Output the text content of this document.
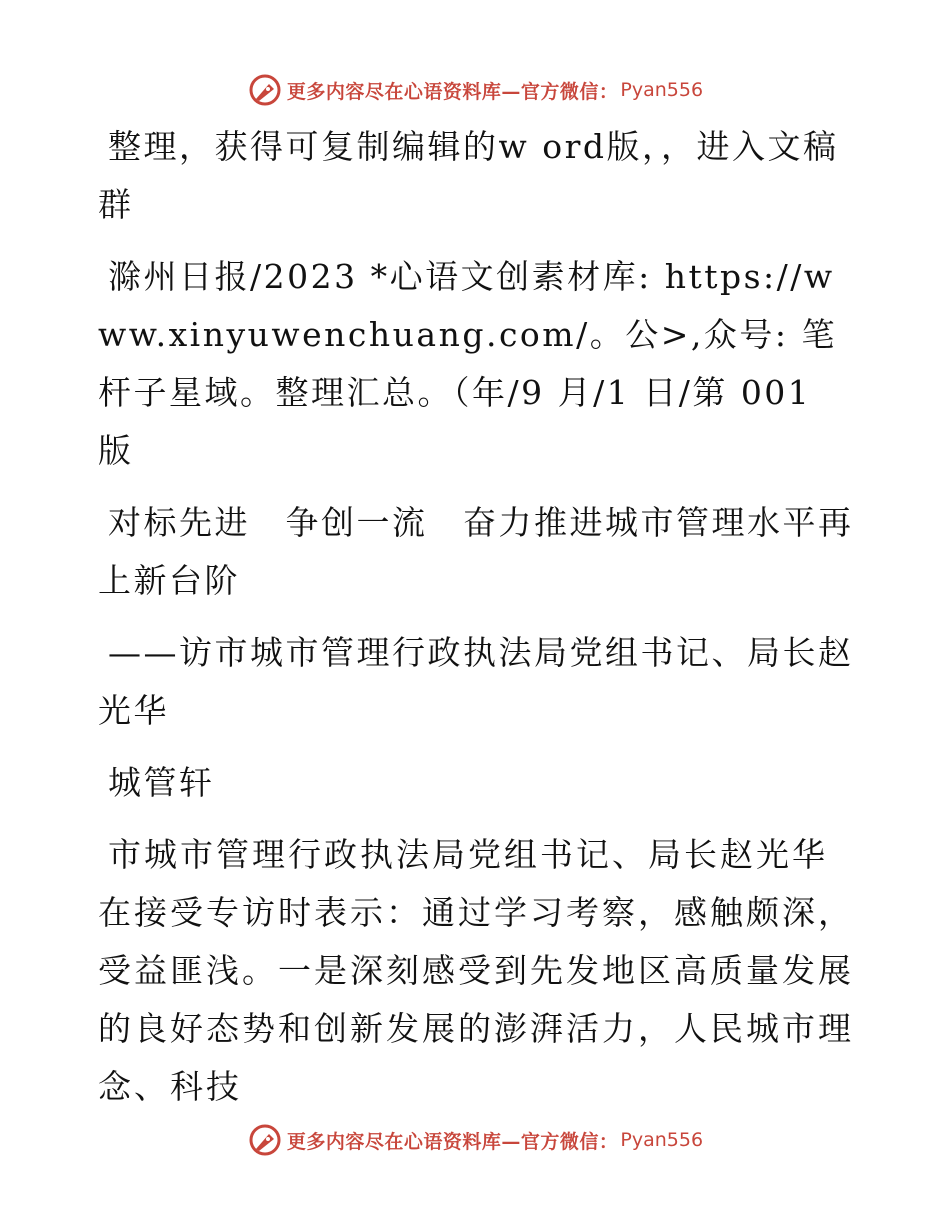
更多内容尽在心语资料库—官方微信： Pyan556

整理，获得可复制编辑的w ord版，，进入文稿群

滁州日报/2023 *心语文创素材库: https://www.xinyuwenchuang.com/。公>,众号: 笔杆子星域。整理汇总。（年/9 月/1 日/第 001 版

对标先进　争创一流　奋力推进城市管理水平再上新台阶

——访市城市管理行政执法局党组书记、局长赵光华

城管轩

市城市管理行政执法局党组书记、局长赵光华在接受专访时表示：通过学习考察，感触颇深，受益匪浅。一是深刻感受到先发地区高质量发展的良好态势和创新发展的澎湃活力，人民城市理念、科技

更多内容尽在心语资料库—官方微信： Pyan556
